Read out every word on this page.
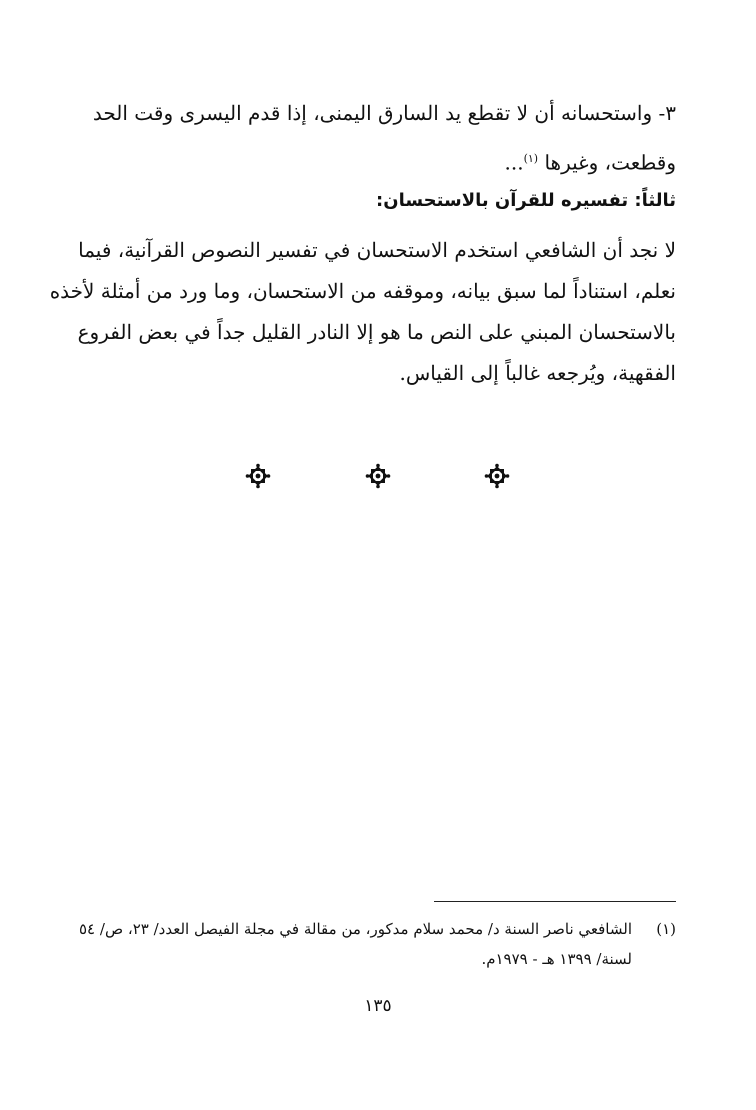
٣- واستحسانه أن لا تقطع يد السارق اليمنى، إذا قدم اليسرى وقت الحد
وقطعت، وغيرها $^{(١)}$...
ثالثاً: تفسيره للقرآن بالاستحسان:
لا نجد أن الشافعي استخدم الاستحسان في تفسير النصوص القرآنية، فيما
نعلم، استناداً لما سبق بيانه، وموقفه من الاستحسان، وما ورد من أمثلة لأخذه
بالاستحسان المبني على النص ما هو إلا النادر القليل جداً في بعض الفروع
الفقهية، ويُرجعه غالباً إلى القياس.
(١)الشافعي ناصر السنة د/ محمد سلام مدكور، من مقالة في مجلة الفيصل العدد/ ٢٣، ص/ ٥٤
لسنة/ ١٣٩٩ هـ - ١٩٧٩م.
١٣٥
